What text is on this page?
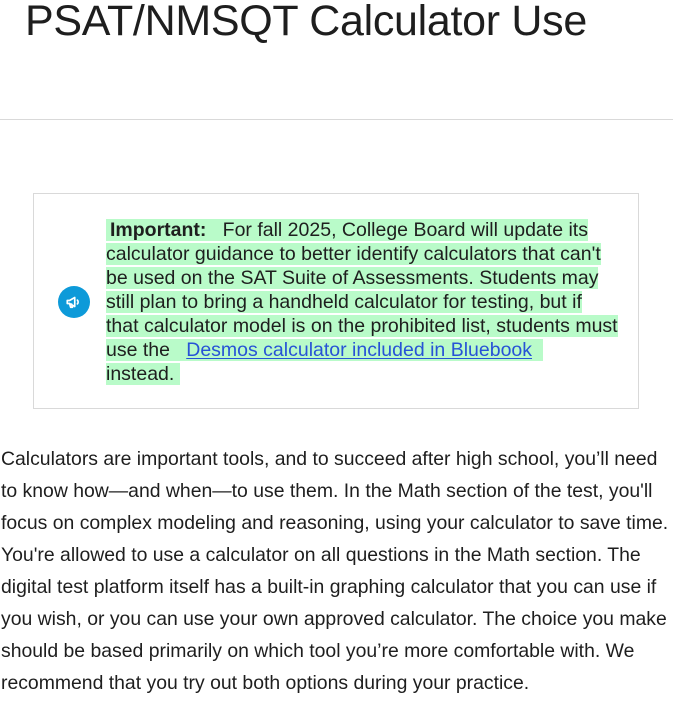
PSAT/NMSQT Calculator Use

Important: For fall 2025, College Board will update its calculator guidance to better identify calculators that can't be used on the SAT Suite of Assessments. Students may still plan to bring a handheld calculator for testing, but if that calculator model is on the prohibited list, students must use the Desmos calculator included in Bluebook   instead.

Calculators are important tools, and to succeed after high school, you’ll need to know how—and when—to use them. In the Math section of the test, you'll focus on complex modeling and reasoning, using your calculator to save time. You're allowed to use a calculator on all questions in the Math section. The digital test platform itself has a built-in graphing calculator that you can use if you wish, or you can use your own approved calculator. The choice you make should be based primarily on which tool you’re more comfortable with. We recommend that you try out both options during your practice.
